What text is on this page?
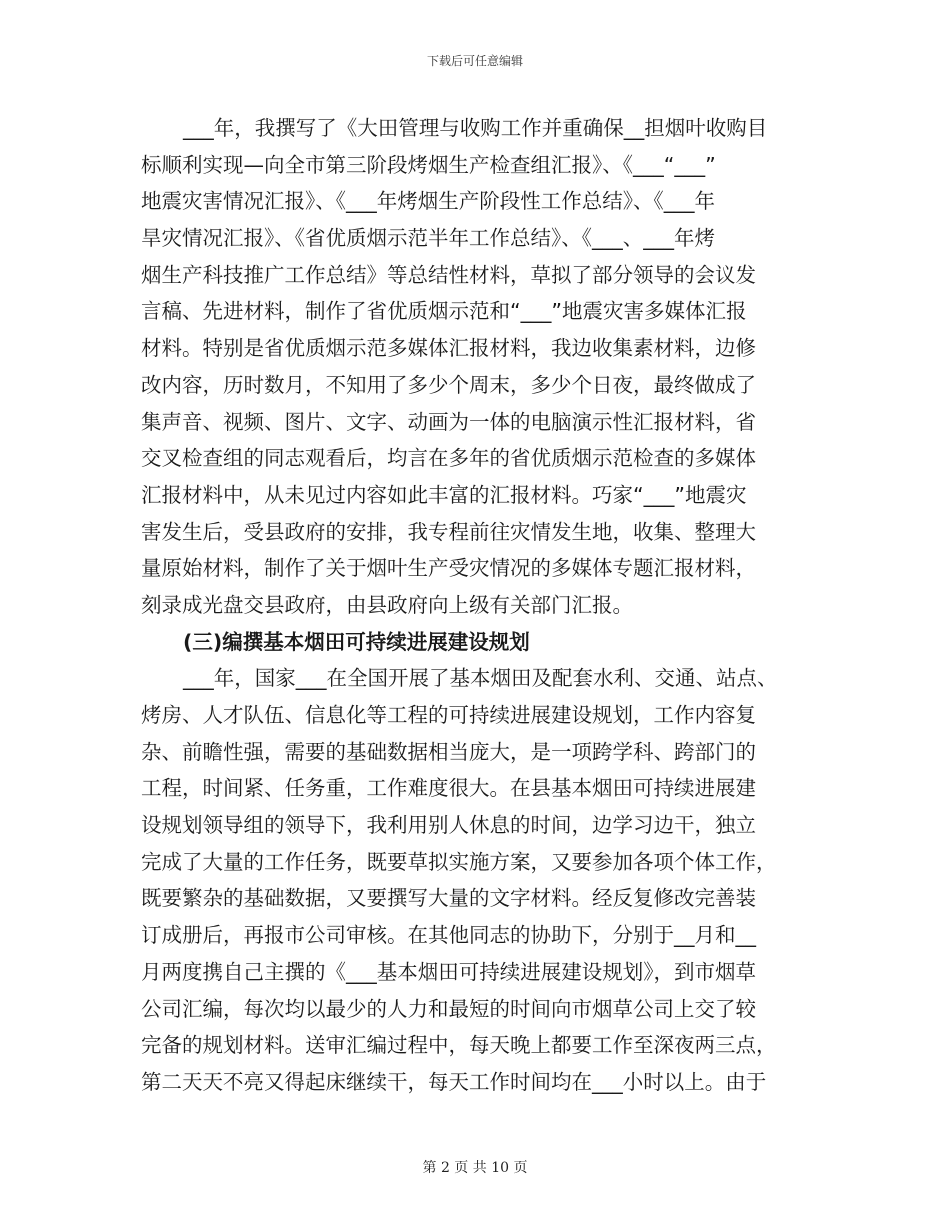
下载后可任意编辑
___年，我撰写了《大田管理与收购工作并重确保__担烟叶收购目
标顺利实现—向全市第三阶段烤烟生产检查组汇报》、《___“___”
地震灾害情况汇报》、《___年烤烟生产阶段性工作总结》、《___年
旱灾情况汇报》、《省优质烟示范半年工作总结》、《___、___年烤
烟生产科技推广工作总结》等总结性材料，草拟了部分领导的会议发
言稿、先进材料，制作了省优质烟示范和“___”地震灾害多媒体汇报
材料。特别是省优质烟示范多媒体汇报材料，我边收集素材料，边修
改内容，历时数月，不知用了多少个周末，多少个日夜，最终做成了
集声音、视频、图片、文字、动画为一体的电脑演示性汇报材料，省
交叉检查组的同志观看后，均言在多年的省优质烟示范检查的多媒体
汇报材料中，从未见过内容如此丰富的汇报材料。巧家“___”地震灾
害发生后，受县政府的安排，我专程前往灾情发生地，收集、整理大
量原始材料，制作了关于烟叶生产受灾情况的多媒体专题汇报材料，
刻录成光盘交县政府，由县政府向上级有关部门汇报。
(三)编撰基本烟田可持续进展建设规划
___年，国家___在全国开展了基本烟田及配套水利、交通、站点、
烤房、人才队伍、信息化等工程的可持续进展建设规划，工作内容复
杂、前瞻性强，需要的基础数据相当庞大，是一项跨学科、跨部门的
工程，时间紧、任务重，工作难度很大。在县基本烟田可持续进展建
设规划领导组的领导下，我利用别人休息的时间，边学习边干，独立
完成了大量的工作任务，既要草拟实施方案，又要参加各项个体工作，
既要繁杂的基础数据，又要撰写大量的文字材料。经反复修改完善装
订成册后，再报市公司审核。在其他同志的协助下，分别于__月和__
月两度携自己主撰的《___基本烟田可持续进展建设规划》，到市烟草
公司汇编，每次均以最少的人力和最短的时间向市烟草公司上交了较
完备的规划材料。送审汇编过程中，每天晚上都要工作至深夜两三点，
第二天天不亮又得起床继续干，每天工作时间均在___小时以上。由于
第 2 页 共 10 页
